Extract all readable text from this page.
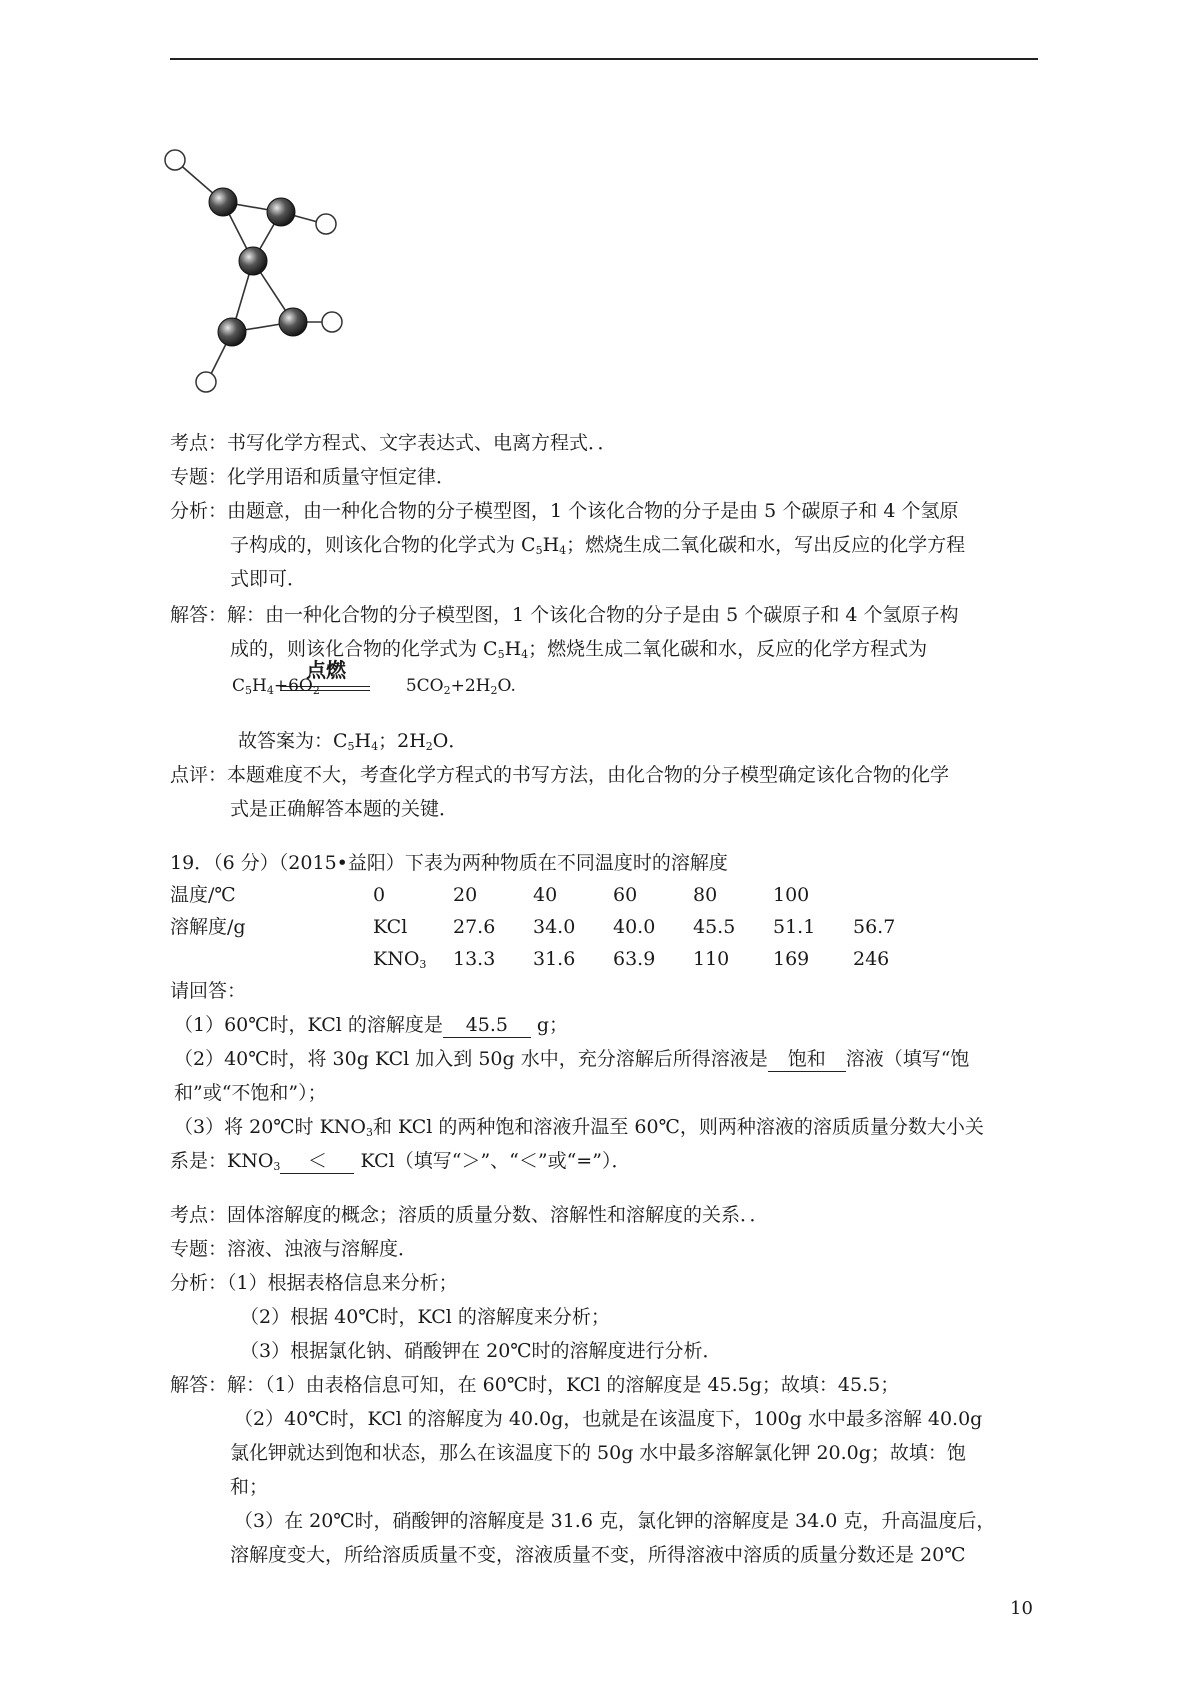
考点：书写化学方程式、文字表达式、电离方程式．．
专题：化学用语和质量守恒定律．
分析：由题意，由一种化合物的分子模型图，1 个该化合物的分子是由 5 个碳原子和 4 个氢原
子构成的，则该化合物的化学式为 $C_5H_4$；燃烧生成二氧化碳和水，写出反应的化学方程
式即可．
解答：解：由一种化合物的分子模型图，1 个该化合物的分子是由 5 个碳原子和 4 个氢原子构
成的，则该化合物的化学式为 $C_5H_4$；燃烧生成二氧化碳和水，反应的化学方程式为
点燃
$C_5H_4+6O_2$	$5CO_2+2H_2O$.
故答案为：$C_5H_4$；$2H_2O$．
点评：本题难度不大，考查化学方程式的书写方法，由化合物的分子模型确定该化合物的化学
式是正确解答本题的关键．
19．（6 分）（2015•益阳）下表为两种物质在不同温度时的溶解度
温度/℃	0	20	40	60	80	100
溶解度/g	KCl 27.6 34.0 40.0 45.5 51.1 56.7
$KNO_3$ 13.3 31.6 63.9 110 169 246
请回答：
（1）60℃时，KCl 的溶解度是 45.5 g；
（2）40℃时，将 30g KCl 加入到 50g 水中，充分溶解后所得溶液是 饱和 溶液（填写“饱
和”或“不饱和”）；
（3）将 20℃时 $KNO_3$和 KCl 的两种饱和溶液升温至 60℃，则两种溶液的溶质质量分数大小关
系是：$KNO_3 < KCl$（填写“＞”、“＜”或“=”）．
考点：固体溶解度的概念；溶质的质量分数、溶解性和溶解度的关系．．
专题：溶液、浊液与溶解度．
分析：（1）根据表格信息来分析；
（2）根据 40℃时，KCl 的溶解度来分析；
（3）根据氯化钠、硝酸钾在 20℃时的溶解度进行分析．
解答：解：（1）由表格信息可知，在 60℃时，KCl 的溶解度是 45.5g；故填：45.5；
（2）40℃时，KCl 的溶解度为 40.0g，也就是在该温度下，100g 水中最多溶解 40.0g
氯化钾就达到饱和状态，那么在该温度下的 50g 水中最多溶解氯化钾 20.0g；故填：饱
和；
（3）在 20℃时，硝酸钾的溶解度是 31.6 克，氯化钾的溶解度是 34.0 克，升高温度后，
溶解度变大，所给溶质质量不变，溶液质量不变，所得溶液中溶质的质量分数还是 20℃
10
